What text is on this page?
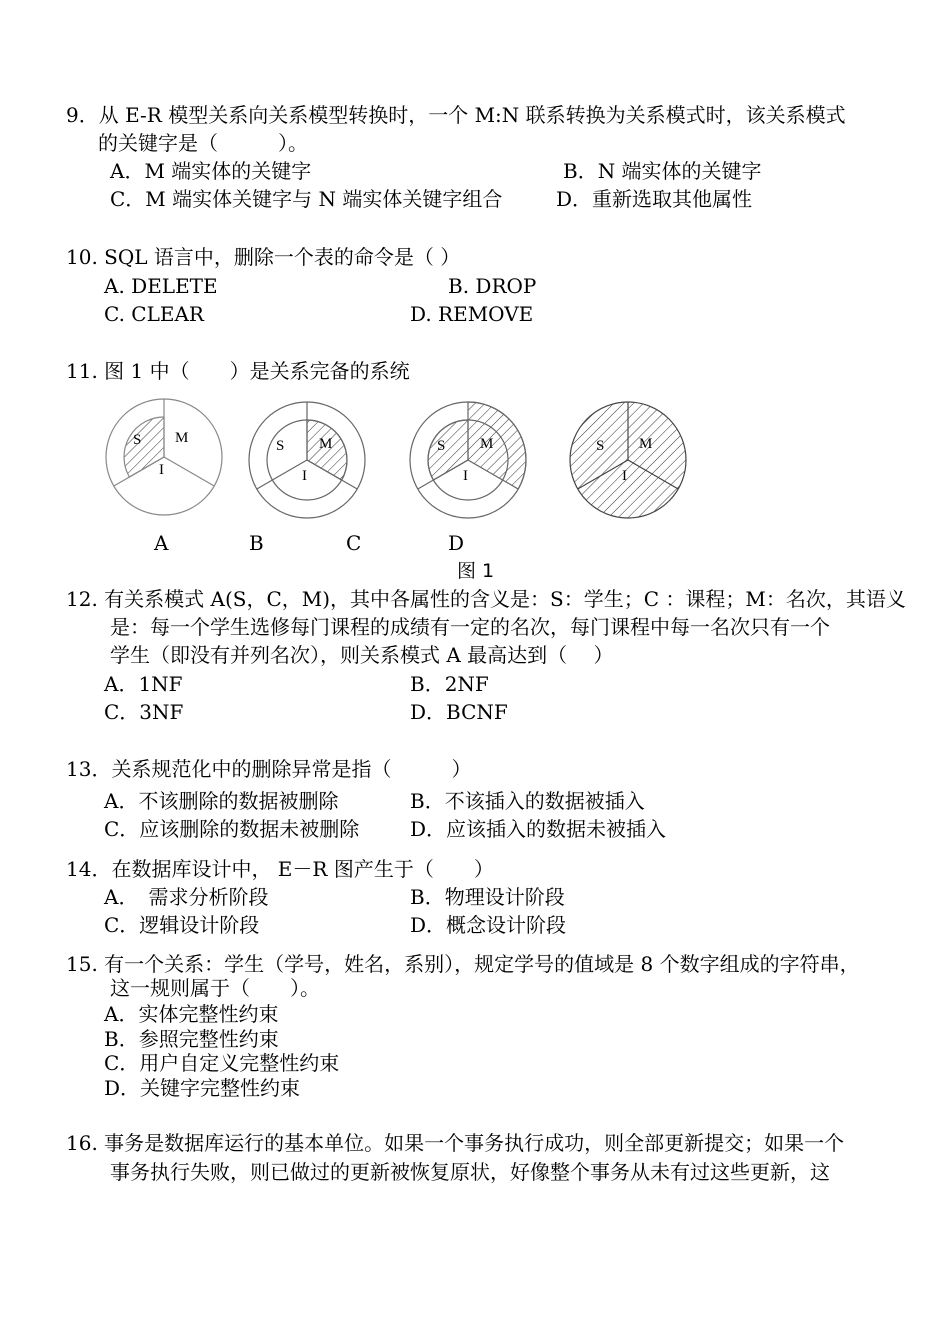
9．从 E-R 模型关系向关系模型转换时，一个 M:N 联系转换为关系模式时，该关系模式
的关键字是（　　　）。
A．M 端实体的关键字	B．N 端实体的关键字
C．M 端实体关键字与 N 端实体关键字组合	D．重新选取其他属性
10. SQL 语言中，删除一个表的命令是（ ）
A. DELETE	B. DROP
C. CLEAR	D. REMOVE
11. 图 1 中（　　）是关系完备的系统
S M
I
S M
I
S M
I
S M
I
A	B	C	D
图 1
12. 有关系模式 A(S，C，M)，其中各属性的含义是：S：学生；C ：课程；M：名次，其语义
是：每一个学生选修每门课程的成绩有一定的名次，每门课程中每一名次只有一个
学生（即没有并列名次），则关系模式 A 最高达到（　 ）
A．1NF	B．2NF
C．3NF	D．BCNF
13．关系规范化中的删除异常是指（　　　）
A．不该删除的数据被删除	B．不该插入的数据被插入
C．应该删除的数据未被删除	D．应该插入的数据未被插入
14．在数据库设计中， E－R 图产生于（　　）
A．　需求分析阶段	B．物理设计阶段
C．逻辑设计阶段	D．概念设计阶段
15. 有一个关系：学生（学号，姓名，系别），规定学号的值域是 8 个数字组成的字符串，
这一规则属于（　　）。
A．实体完整性约束
B．参照完整性约束
C．用户自定义完整性约束
D．关键字完整性约束
16. 事务是数据库运行的基本单位。如果一个事务执行成功，则全部更新提交；如果一个
事务执行失败，则已做过的更新被恢复原状，好像整个事务从未有过这些更新，这
